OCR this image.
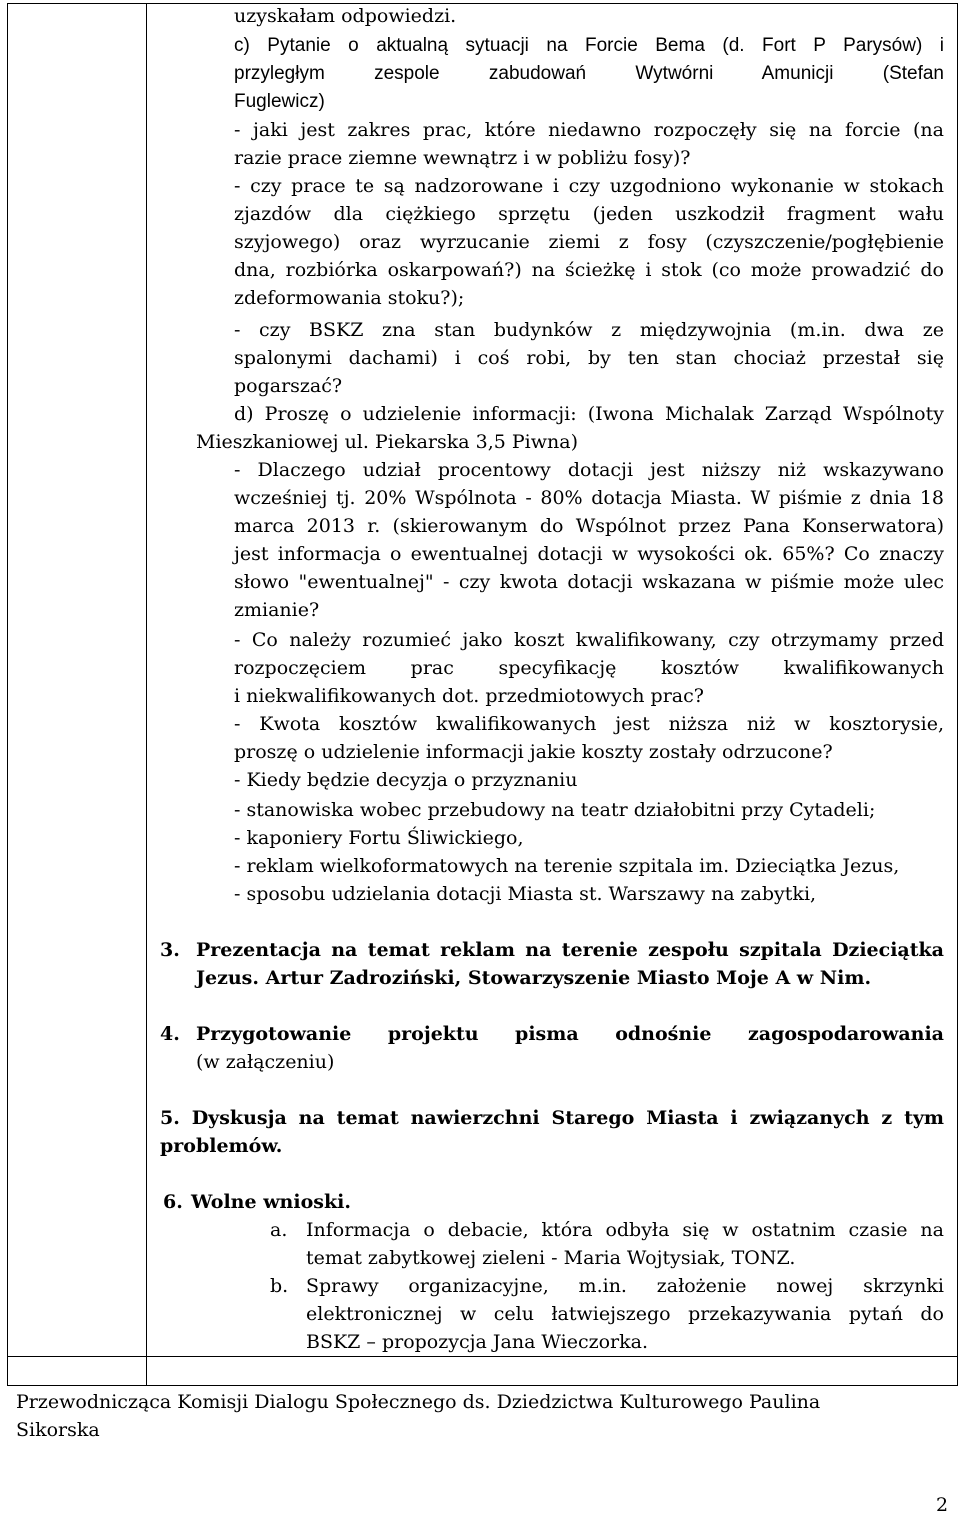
uzyskałam odpowiedzi.
c) Pytanie o aktualną sytuacji na Forcie Bema (d. Fort P Parysów) i
przyległym zespole zabudowań Wytwórni Amunicji (Stefan
Fuglewicz)
- jaki jest zakres prac, które niedawno rozpoczęły się na forcie (na
razie prace ziemne wewnątrz i w pobliżu fosy)?
- czy prace te są nadzorowane i czy uzgodniono wykonanie w stokach
zjazdów dla ciężkiego sprzętu (jeden uszkodził fragment wału
szyjowego) oraz wyrzucanie ziemi z fosy (czyszczenie/pogłębienie
dna, rozbiórka oskarpowań?) na ścieżkę i stok (co może prowadzić do
zdeformowania stoku?);
- czy BSKZ zna stan budynków z międzywojnia (m.in. dwa ze
spalonymi dachami) i coś robi, by ten stan chociaż przestał się
pogarszać?
d) Proszę o udzielenie informacji: (Iwona Michalak Zarząd Wspólnoty
Mieszkaniowej ul. Piekarska 3,5 Piwna)
- Dlaczego udział procentowy dotacji jest niższy niż wskazywano
wcześniej tj. 20% Wspólnota - 80% dotacja Miasta. W piśmie z dnia 18
marca 2013 r. (skierowanym do Wspólnot przez Pana Konserwatora)
jest informacja o ewentualnej dotacji w wysokości ok. 65%? Co znaczy
słowo "ewentualnej" - czy kwota dotacji wskazana w piśmie może ulec
zmianie?
- Co należy rozumieć jako koszt kwalifikowany, czy otrzymamy przed
rozpoczęciem prac specyfikację kosztów kwalifikowanych
i niekwalifikowanych dot. przedmiotowych prac?
- Kwota kosztów kwalifikowanych jest niższa niż w kosztorysie,
proszę o udzielenie informacji jakie koszty zostały odrzucone?
- Kiedy będzie decyzja o przyznaniu
- stanowiska wobec przebudowy na teatr działobitni przy Cytadeli;
- kaponiery Fortu Śliwickiego,
- reklam wielkoformatowych na terenie szpitala im. Dzieciątka Jezus,
- sposobu udzielania dotacji Miasta st. Warszawy na zabytki,
3. Prezentacja na temat reklam na terenie zespołu szpitala Dzieciątka
Jezus. Artur Zadroziński, Stowarzyszenie Miasto Moje A w Nim.
4. Przygotowanie projektu pisma odnośnie zagospodarowania
(w załączeniu)
5. Dyskusja na temat nawierzchni Starego Miasta i związanych z tym
problemów.
6. Wolne wnioski.
a. Informacja o debacie, która odbyła się w ostatnim czasie na
temat zabytkowej zieleni - Maria Wojtysiak, TONZ.
b. Sprawy organizacyjne, m.in. założenie nowej skrzynki
elektronicznej w celu łatwiejszego przekazywania pytań do
BSKZ – propozycja Jana Wieczorka.
Przewodnicząca Komisji Dialogu Społecznego ds. Dziedzictwa Kulturowego Paulina
Sikorska
2
